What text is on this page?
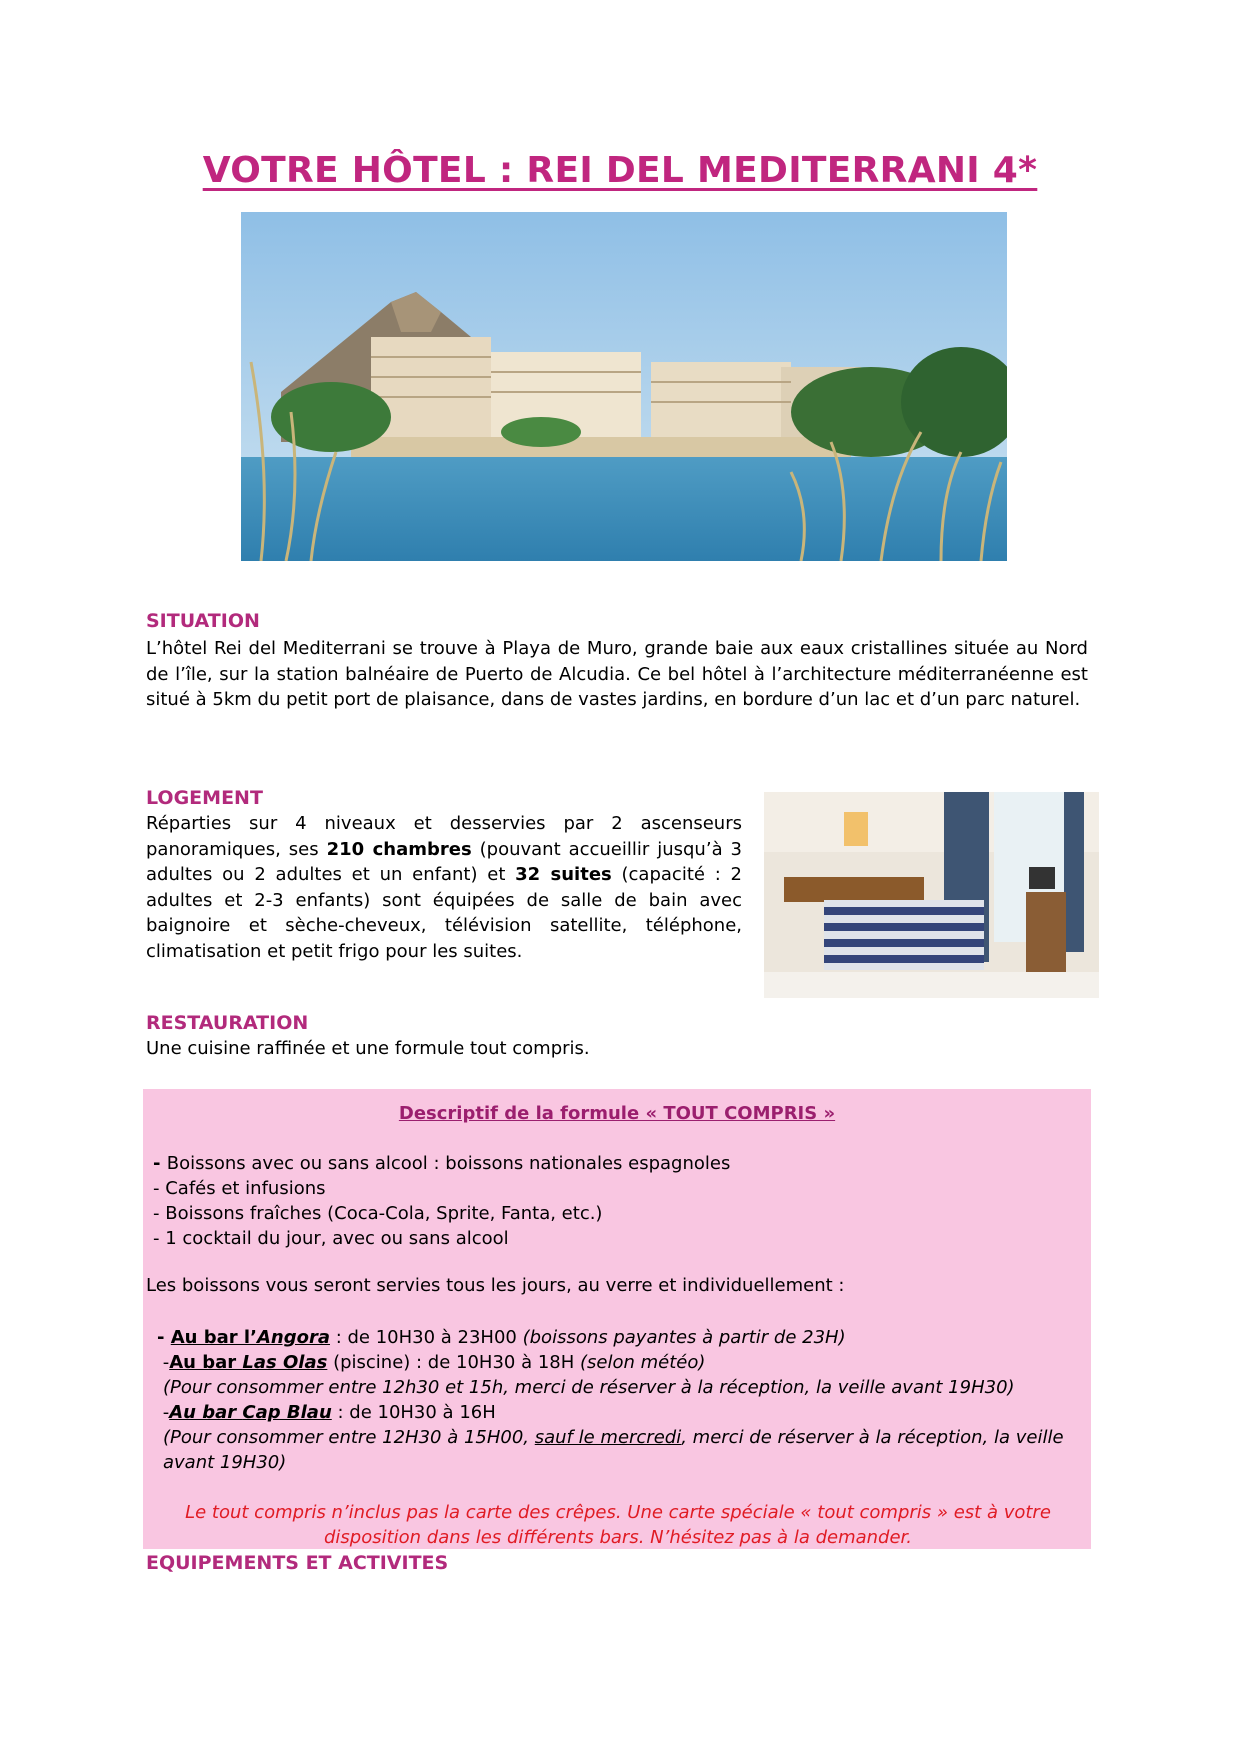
VOTRE HÔTEL : REI DEL MEDITERRANI 4*
SITUATION

L’hôtel Rei del Mediterrani se trouve à Playa de Muro, grande baie aux eaux cristallines située au Nord de l’île, sur la station balnéaire de Puerto de Alcudia. Ce bel hôtel à l’architecture méditerranéenne est situé à 5km du petit port de plaisance, dans de vastes jardins, en bordure d’un lac et d’un parc naturel.

LOGEMENT

Réparties sur 4 niveaux et desservies par 2 ascenseurs panoramiques, ses 210 chambres (pouvant accueillir jusqu’à 3 adultes ou 2 adultes et un enfant) et 32 suites (capacité : 2 adultes et 2-3 enfants) sont équipées de salle de bain avec baignoire et sèche-cheveux, télévision satellite, téléphone, climatisation et petit frigo pour les suites.

RESTAURATION

Une cuisine raffinée et une formule tout compris.

Descriptif de la formule « TOUT COMPRIS »

- Boissons avec ou sans alcool : boissons nationales espagnoles
- Cafés et infusions
- Boissons fraîches (Coca-Cola, Sprite, Fanta, etc.)
- 1 cocktail du jour, avec ou sans alcool

Les boissons vous seront servies tous les jours, au verre et individuellement :

- Au bar l’Angora : de 10H30 à 23H00 (boissons payantes à partir de 23H)
-Au bar Las Olas (piscine) : de 10H30 à 18H (selon météo)
(Pour consommer entre 12h30 et 15h, merci de réserver à la réception, la veille avant 19H30)
-Au bar Cap Blau : de 10H30 à 16H
(Pour consommer entre 12H30 à 15H00, sauf le mercredi, merci de réserver à la réception, la veille avant 19H30)

Le tout compris n’inclus pas la carte des crêpes. Une carte spéciale « tout compris » est à votre disposition dans les différents bars. N’hésitez pas à la demander.

EQUIPEMENTS ET ACTIVITES
